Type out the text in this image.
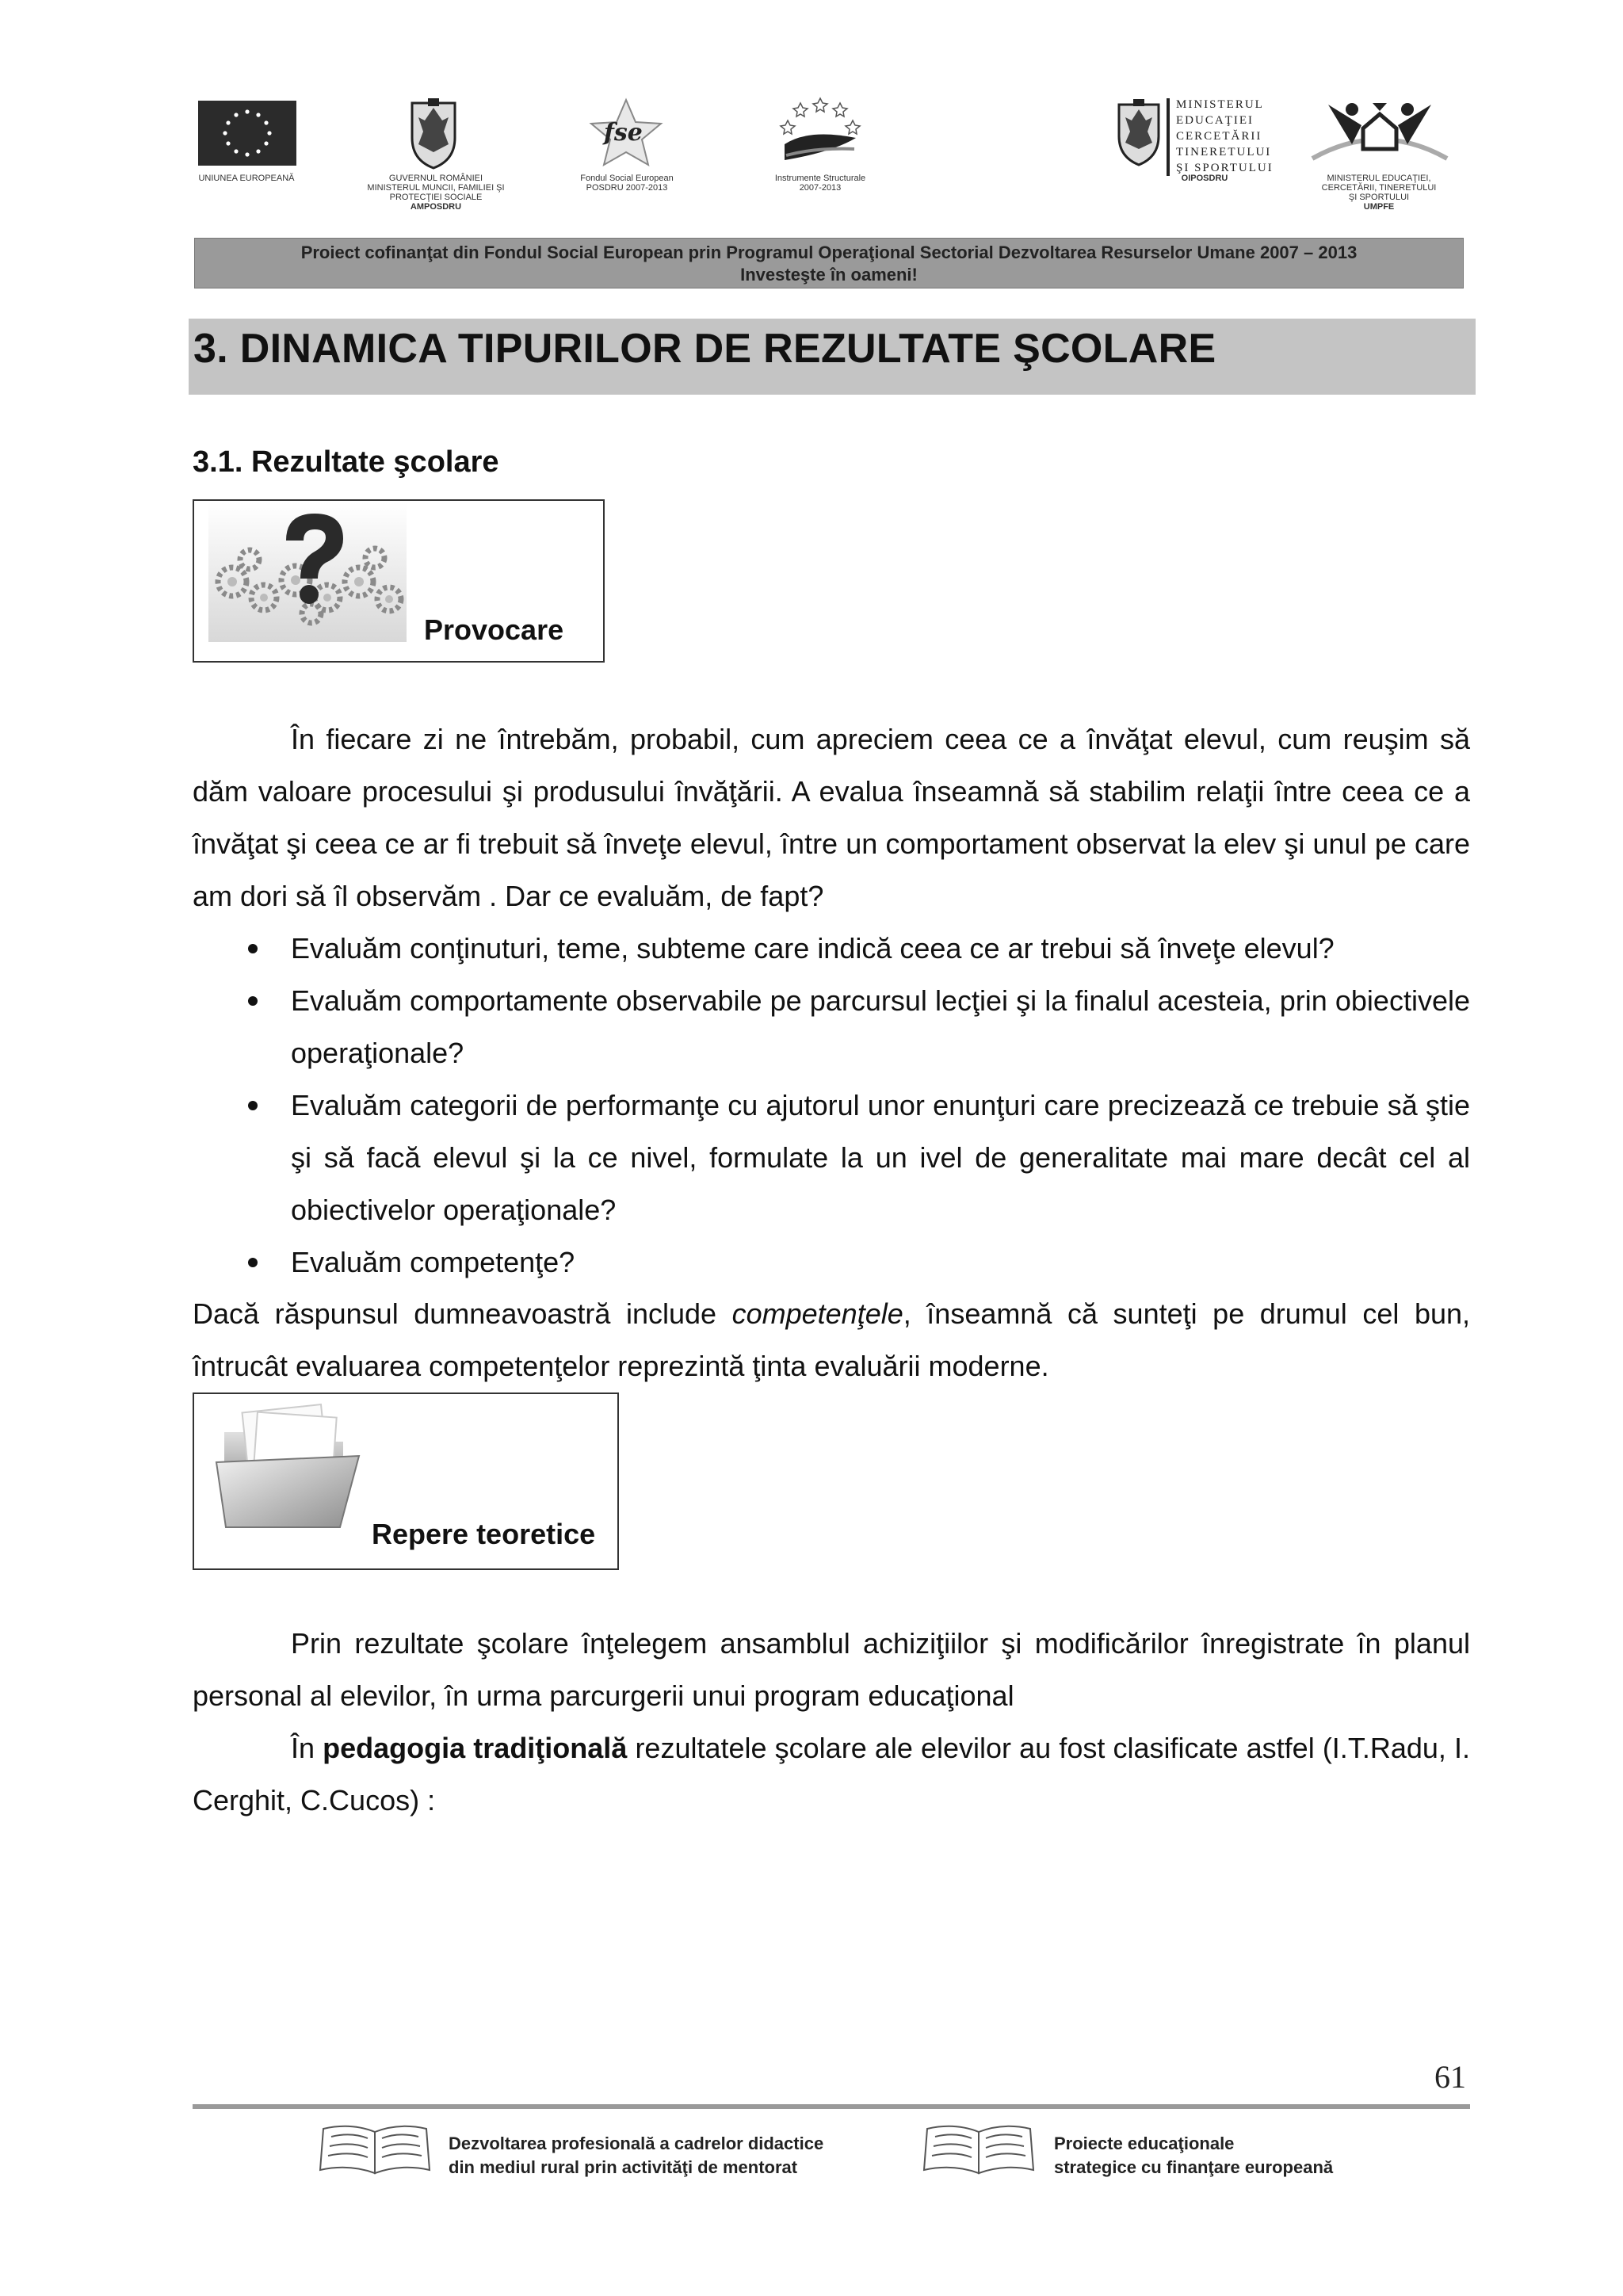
UNIUNEA EUROPEANĂ	GUVERNUL ROMÂNIEI
MINISTERUL MUNCII, FAMILIEI ŞI
PROTECŢIEI SOCIALE
AMPOSDRU
fse
Fondul Social European
POSDRU 2007-2013
Instrumente Structurale
2007-2013
MINISTERUL
EDUCAŢIEI
CERCETĂRII
TINERETULUI
ŞI SPORTULUI
OIPOSDRU	MINISTERUL EDUCAŢIEI,
CERCETĂRII, TINERETULUI
ŞI SPORTULUI
UMPFE
Proiect cofinanţat din Fondul Social European prin Programul Operaţional Sectorial Dezvoltarea Resurselor Umane 2007 – 2013
Investeşte în oameni!
3. DINAMICA TIPURILOR DE REZULTATE ŞCOLARE
3.1. Rezultate şcolare
Provocare
În fiecare zi ne întrebăm, probabil, cum apreciem ceea ce a învăţat elevul, cum reuşim să dăm valoare procesului şi produsului învăţării. A evalua înseamnă să stabilim relaţii între ceea ce a învăţat şi ceea ce ar fi trebuit să înveţe elevul, între un comportament observat la elev şi unul pe care am dori să îl observăm . Dar ce evaluăm, de fapt?
Evaluăm conţinuturi, teme, subteme care indică ceea ce ar trebui să înveţe elevul?
Evaluăm comportamente observabile pe parcursul lecţiei şi la finalul acesteia, prin obiectivele operaţionale?
Evaluăm categorii de performanţe cu ajutorul unor enunţuri care precizează ce trebuie să ştie şi să facă elevul şi la ce nivel, formulate la un ivel de generalitate mai mare decât cel al obiectivelor operaţionale?
Evaluăm competenţe?
Dacă răspunsul dumneavoastră include competenţele, înseamnă că sunteţi pe drumul cel bun, întrucât evaluarea competenţelor reprezintă ţinta evaluării moderne.
Repere teoretice
Prin rezultate şcolare înţelegem ansamblul achiziţiilor şi modificărilor înregistrate în planul personal al elevilor, în urma parcurgerii unui program educaţional
În pedagogia tradiţională rezultatele şcolare ale elevilor au fost clasificate astfel (I.T.Radu, I. Cerghit, C.Cucos) :
61
Dezvoltarea profesională a cadrelor didactice
din mediul rural prin activităţi de mentorat
Proiecte educaţionale
strategice cu finanţare europeană
